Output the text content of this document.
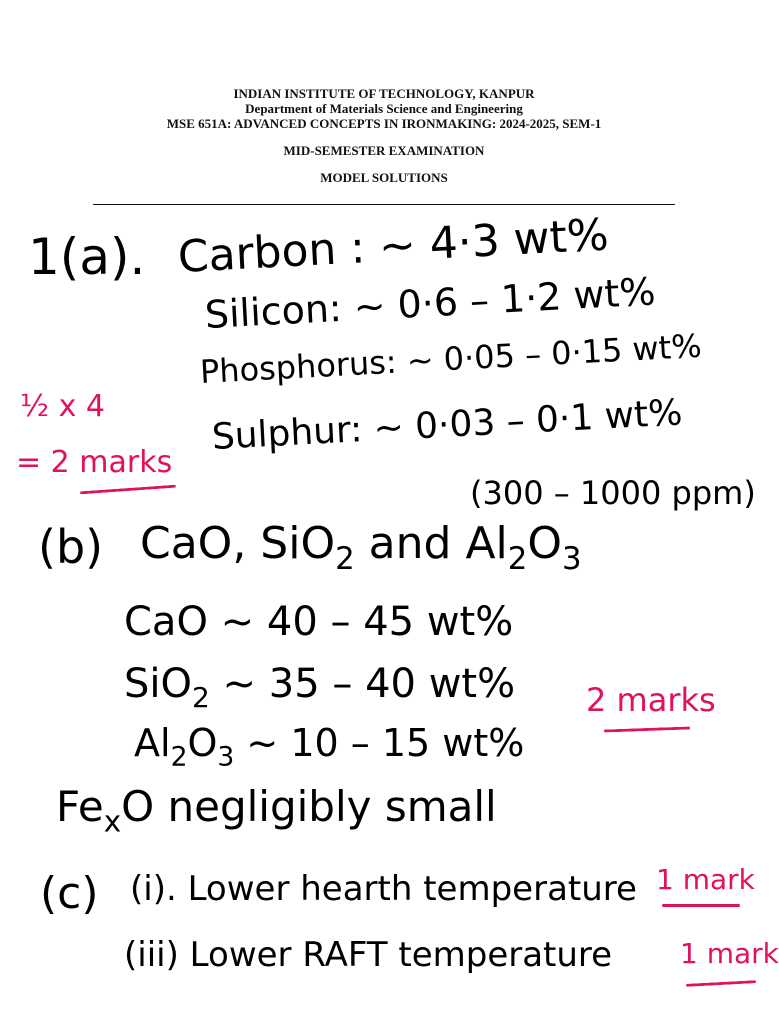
INDIAN INSTITUTE OF TECHNOLOGY, KANPUR
Department of Materials Science and Engineering
MSE 651A: ADVANCED CONCEPTS IN IRONMAKING: 2024-2025, SEM-1
MID-SEMESTER EXAMINATION
MODEL SOLUTIONS
1(a). Carbon : ~ 4·3 wt%
Silicon: ~ 0·6 – 1·2 wt%
Phosphorus: ~ 0·05 – 0·15 wt%
Sulphur: ~ 0·03 – 0·1 wt%
(300 – 1000 ppm)
½ x 4
= 2 marks
(b) CaO, SiO$_2$ and $Al_2O_3$
CaO ~ 40 – 45 wt%
SiO$_2$ ~ 35 – 40 wt%
$Al_2O_3$ ~ 10 – 15 wt%
$Fe_xO$ negligibly small
2 marks
(c) (i). Lower hearth temperature
(iii) Lower RAFT temperature
1 mark
1 mark
